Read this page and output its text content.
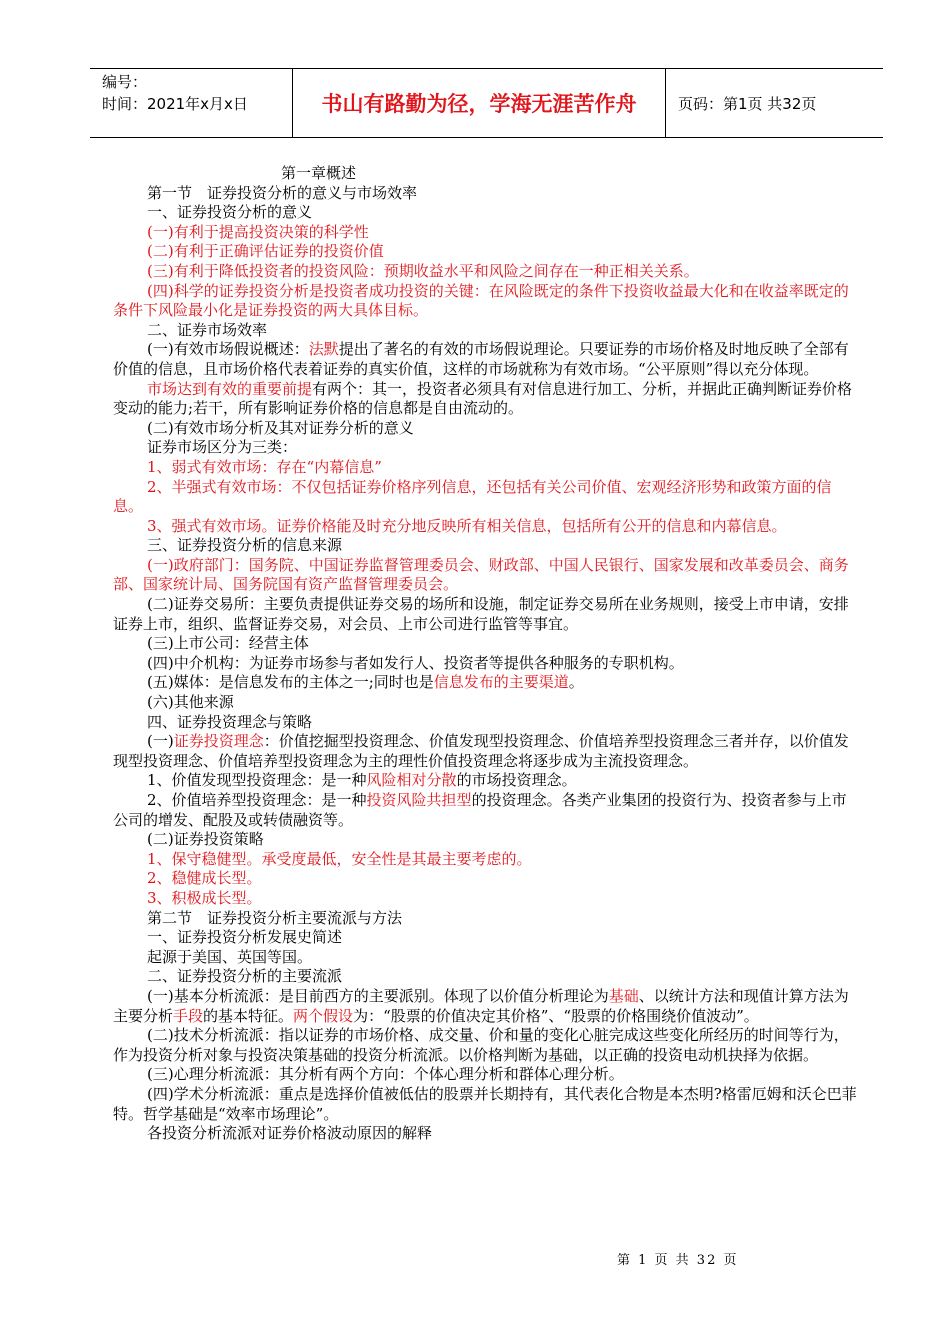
编号：
时间：2021年x月x日	书山有路勤为径，学海无涯苦作舟	页码：第1页 共32页

第一章概述

第一节　证券投资分析的意义与市场效率

一、证券投资分析的意义

(一)有利于提高投资决策的科学性

(二)有利于正确评估证券的投资价值

(三)有利于降低投资者的投资风险：预期收益水平和风险之间存在一种正相关关系。

(四)科学的证券投资分析是投资者成功投资的关键：在风险既定的条件下投资收益最大化和在收益率既定的条件下风险最小化是证券投资的两大具体目标。

二、证券市场效率

(一)有效市场假说概述：法默提出了著名的有效的市场假说理论。只要证券的市场价格及时地反映了全部有价值的信息，且市场价格代表着证券的真实价值，这样的市场就称为有效市场。“公平原则”得以充分体现。

市场达到有效的重要前提有两个：其一，投资者必须具有对信息进行加工、分析，并据此正确判断证券价格变动的能力;若干，所有影响证券价格的信息都是自由流动的。

(二)有效市场分析及其对证券分析的意义

证券市场区分为三类：

1、弱式有效市场：存在“内幕信息”

2、半强式有效市场：不仅包括证券价格序列信息，还包括有关公司价值、宏观经济形势和政策方面的信息。

3、强式有效市场。证券价格能及时充分地反映所有相关信息，包括所有公开的信息和内幕信息。

三、证券投资分析的信息来源

(一)政府部门：国务院、中国证券监督管理委员会、财政部、中国人民银行、国家发展和改革委员会、商务部、国家统计局、国务院国有资产监督管理委员会。

(二)证券交易所：主要负责提供证券交易的场所和设施，制定证券交易所在业务规则，接受上市申请，安排证券上市，组织、监督证券交易，对会员、上市公司进行监管等事宜。

(三)上市公司：经营主体

(四)中介机构：为证券市场参与者如发行人、投资者等提供各种服务的专职机构。

(五)媒体：是信息发布的主体之一;同时也是信息发布的主要渠道。

(六)其他来源

四、证券投资理念与策略

(一)证券投资理念：价值挖掘型投资理念、价值发现型投资理念、价值培养型投资理念三者并存，以价值发现型投资理念、价值培养型投资理念为主的理性价值投资理念将逐步成为主流投资理念。

1、价值发现型投资理念：是一种风险相对分散的市场投资理念。

2、价值培养型投资理念：是一种投资风险共担型的投资理念。各类产业集团的投资行为、投资者参与上市公司的增发、配股及或转债融资等。

(二)证券投资策略

1、保守稳健型。承受度最低，安全性是其最主要考虑的。

2、稳健成长型。

3、积极成长型。

第二节　证券投资分析主要流派与方法

一、证券投资分析发展史简述

起源于美国、英国等国。

二、证券投资分析的主要流派

(一)基本分析流派：是目前西方的主要派别。体现了以价值分析理论为基础、以统计方法和现值计算方法为主要分析手段的基本特征。两个假设为：“股票的价值决定其价格”、“股票的价格围绕价值波动”。

(二)技术分析流派：指以证券的市场价格、成交量、价和量的变化心脏完成这些变化所经历的时间等行为，作为投资分析对象与投资决策基础的投资分析流派。以价格判断为基础，以正确的投资电动机抉择为依据。

(三)心理分析流派：其分析有两个方向：个体心理分析和群体心理分析。

(四)学术分析流派：重点是选择价值被低估的股票并长期持有，其代表化合物是本杰明?格雷厄姆和沃仑巴菲特。哲学基础是“效率市场理论”。

各投资分析流派对证券价格波动原因的解释

第 1 页 共 32 页
